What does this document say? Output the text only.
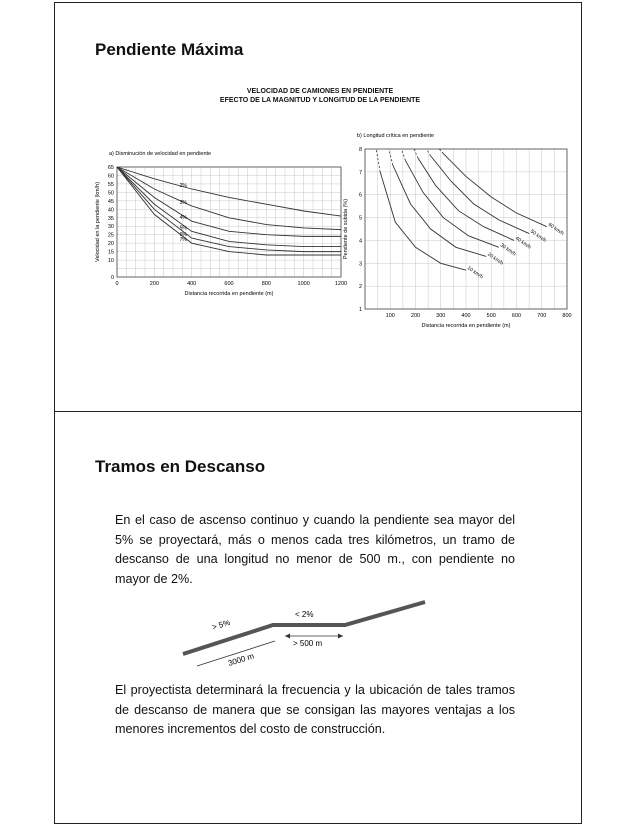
Pendiente Máxima
VELOCIDAD DE CAMIONES EN PENDIENTE
EFECTO DE LA MAGNITUD Y LONGITUD DE LA PENDIENTE
a) Disminución de velocidad en pendiente
0	200	400	600	800	1000	1200
0
10
15
20
25
30
35
40
45
50
55
60
65
Distancia recorrida en pendiente (m)
Velocidad en la pendiente (km/h)	2%
3%
4%
5%
6%
7%
b) Longitud crítica en pendiente
100	200	300	400	500	600	700	800
1
2
3
4
5
6
7
8
Distancia recorrida en pendiente (m)
Pendiente de subida (%)
10 km/h
20 km/h
30 km/h
40 km/h
50 km/h 60 km/h
Tramos en Descanso
En el caso de ascenso continuo y cuando la pendiente sea mayor del 5% se proyectará, más o menos cada tres kilómetros, un tramo de descanso de una longitud no menor de 500 m., con pendiente no mayor de 2%.
> 5%
< 2%
> 500 m
3000 m
El proyectista determinará la frecuencia y la ubicación de tales tramos de descanso de manera que se consigan las mayores ventajas a los menores incrementos del costo de construcción.
